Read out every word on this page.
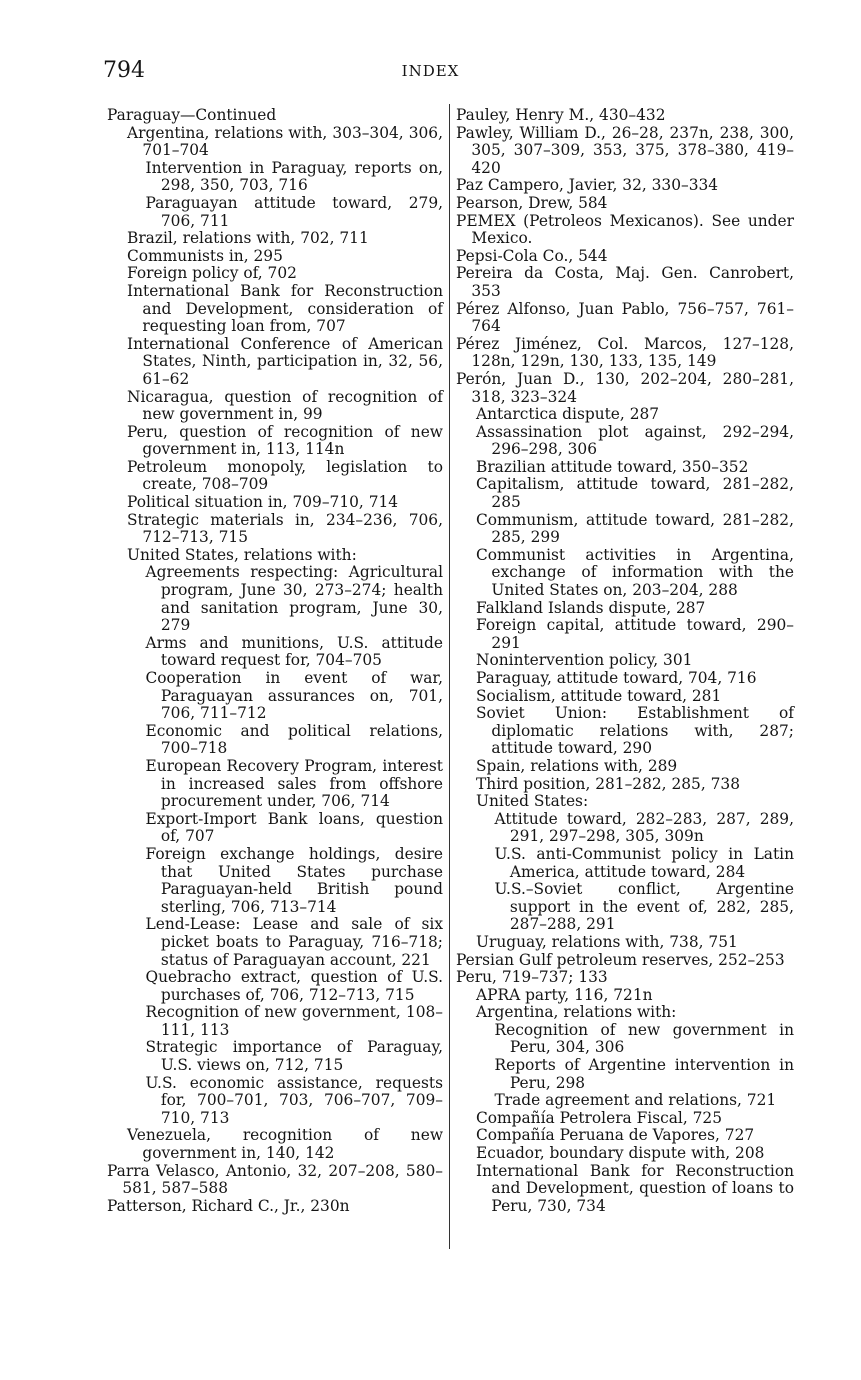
794	INDEX
Paraguay—Continued
Argentina, relations with, 303–304, 306, 701–704
Intervention in Paraguay, reports on, 298, 350, 703, 716
Paraguayan attitude toward, 279, 706, 711
Brazil, relations with, 702, 711
Communists in, 295
Foreign policy of, 702
International Bank for Reconstruction and Development, consideration of requesting loan from, 707
International Conference of American States, Ninth, participation in, 32, 56, 61–62
Nicaragua, question of recognition of new government in, 99
Peru, question of recognition of new government in, 113, 114n
Petroleum monopoly, legislation to create, 708–709
Political situation in, 709–710, 714
Strategic materials in, 234–236, 706, 712–713, 715
United States, relations with:
Agreements respecting: Agricultural program, June 30, 273–274; health and sanitation program, June 30, 279
Arms and munitions, U.S. attitude toward request for, 704–705
Cooperation in event of war, Paraguayan assurances on, 701, 706, 711–712
Economic and political relations, 700–718
European Recovery Program, interest in increased sales from offshore procurement under, 706, 714
Export-Import Bank loans, question of, 707
Foreign exchange holdings, desire that United States purchase Paraguayan-held British pound sterling, 706, 713–714
Lend-Lease: Lease and sale of six picket boats to Paraguay, 716–718; status of Paraguayan account, 221
Quebracho extract, question of U.S. purchases of, 706, 712–713, 715
Recognition of new government, 108–111, 113
Strategic importance of Paraguay, U.S. views on, 712, 715
U.S. economic assistance, requests for, 700–701, 703, 706–707, 709–710, 713
Venezuela, recognition of new government in, 140, 142
Parra Velasco, Antonio, 32, 207–208, 580–581, 587–588
Patterson, Richard C., Jr., 230n
Pauley, Henry M., 430–432
Pawley, William D., 26–28, 237n, 238, 300, 305, 307–309, 353, 375, 378–380, 419–420
Paz Campero, Javier, 32, 330–334
Pearson, Drew, 584
PEMEX (Petroleos Mexicanos). See under Mexico.
Pepsi-Cola Co., 544
Pereira da Costa, Maj. Gen. Canrobert, 353
Pérez Alfonso, Juan Pablo, 756–757, 761–764
Pérez Jiménez, Col. Marcos, 127–128, 128n, 129n, 130, 133, 135, 149
Perón, Juan D., 130, 202–204, 280–281, 318, 323–324
Antarctica dispute, 287
Assassination plot against, 292–294, 296–298, 306
Brazilian attitude toward, 350–352
Capitalism, attitude toward, 281–282, 285
Communism, attitude toward, 281–282, 285, 299
Communist activities in Argentina, exchange of information with the United States on, 203–204, 288
Falkland Islands dispute, 287
Foreign capital, attitude toward, 290–291
Nonintervention policy, 301
Paraguay, attitude toward, 704, 716
Socialism, attitude toward, 281
Soviet Union: Establishment of diplomatic relations with, 287; attitude toward, 290
Spain, relations with, 289
Third position, 281–282, 285, 738
United States:
Attitude toward, 282–283, 287, 289, 291, 297–298, 305, 309n
U.S. anti-Communist policy in Latin America, attitude toward, 284
U.S.–Soviet conflict, Argentine support in the event of, 282, 285, 287–288, 291
Uruguay, relations with, 738, 751
Persian Gulf petroleum reserves, 252–253
Peru, 719–737; 133
APRA party, 116, 721n
Argentina, relations with:
Recognition of new government in Peru, 304, 306
Reports of Argentine intervention in Peru, 298
Trade agreement and relations, 721
Compañía Petrolera Fiscal, 725
Compañía Peruana de Vapores, 727
Ecuador, boundary dispute with, 208
International Bank for Reconstruction and Development, question of loans to Peru, 730, 734
